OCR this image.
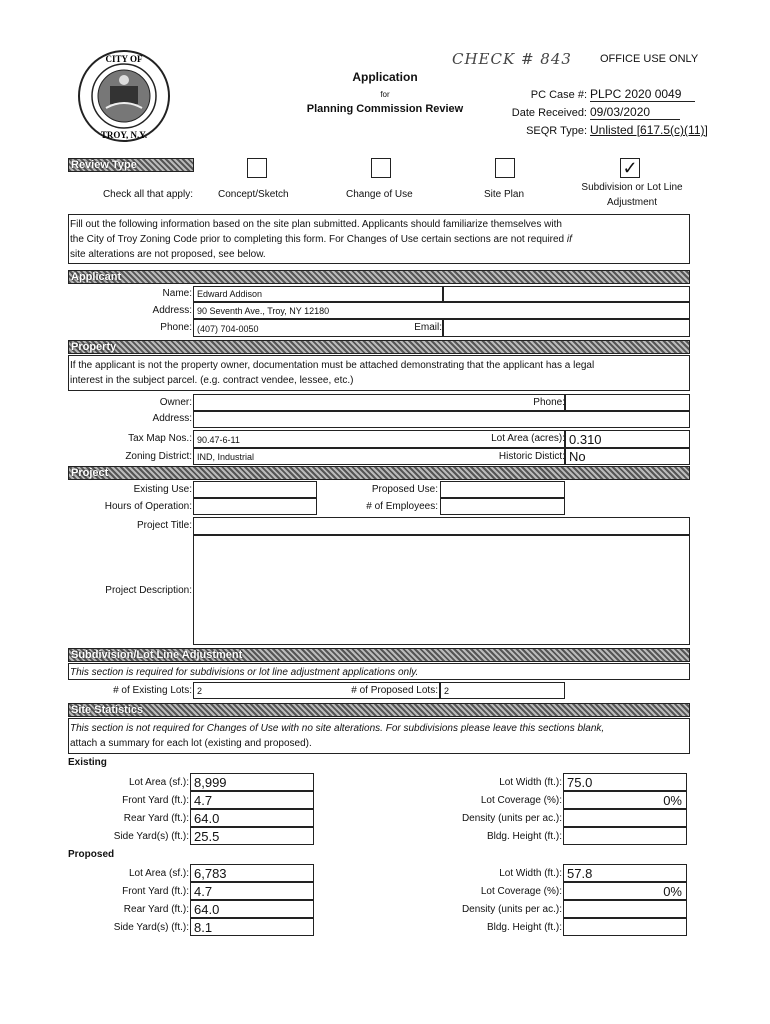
CITY OF
TROY, N.Y.
Application
for
Planning Commission Review
CHECK # 843	OFFICE USE ONLY
PC Case #: PLPC 2020 0049
Date Received: 09/03/2020
SEQR Type: Unlisted [617.5(c)(11)]
Review Type	✓
Check all that apply:	Concept/Sketch	Change of Use	Site Plan
Subdivision or Lot Line Adjustment
Fill out the following information based on the site plan submitted. Applicants should familiarize themselves with
the City of Troy Zoning Code prior to completing this form. For Changes of Use certain sections are not required if
site alterations are not proposed, see below.
Applicant
Name: Edward Addison
Address: 90 Seventh Ave., Troy, NY 12180
Phone: (407) 704-0050	Email:
Property
If the applicant is not the property owner, documentation must be attached demonstrating that the applicant has a legal
interest in the subject parcel. (e.g. contract vendee, lessee, etc.)
Owner:	Phone:
Address:
Tax Map Nos.: 90.47-6-11	Lot Area (acres): 0.310
Zoning District: IND, Industrial	Historic Distict: No
Project
Existing Use:	Proposed Use:
Hours of Operation:	# of Employees:
Project Title:
Project Description:
Subdivision/Lot Line Adjustment
This section is required for subdivisions or lot line adjustment applications only.
# of Existing Lots: 2	# of Proposed Lots: 2
Site Statistics
This section is not required for Changes of Use with no site alterations. For subdivisions please leave this sections blank,
attach a summary for each lot (existing and proposed).
Existing
Lot Area (sf.): 8,999
Front Yard (ft.): 4.7
Rear Yard (ft.): 64.0
Side Yard(s) (ft.): 25.5
Lot Width (ft.): 75.0
Lot Coverage (%):	0%
Density (units per ac.):
Bldg. Height (ft.):
Proposed
Lot Area (sf.): 6,783
Front Yard (ft.): 4.7
Rear Yard (ft.): 64.0
Side Yard(s) (ft.): 8.1
Lot Width (ft.): 57.8
Lot Coverage (%):	0%
Density (units per ac.):
Bldg. Height (ft.):
